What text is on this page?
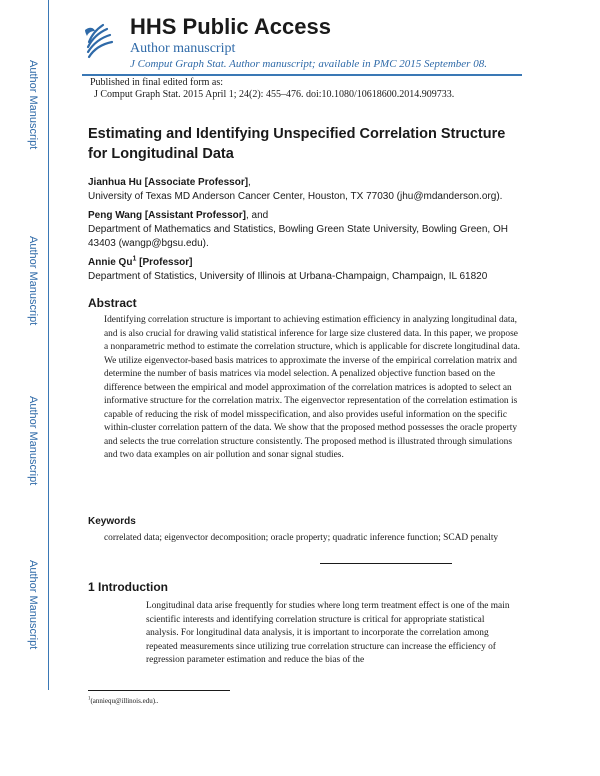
Author Manuscript
Author Manuscript
Author Manuscript
Author Manuscript
HHS Public Access
Author manuscript
J Comput Graph Stat. Author manuscript; available in PMC 2015 September 08.
Published in final edited form as:
J Comput Graph Stat. 2015 April 1; 24(2): 455–476. doi:10.1080/10618600.2014.909733.
Estimating and Identifying Unspecified Correlation Structure for Longitudinal Data
Jianhua Hu [Associate Professor],
University of Texas MD Anderson Cancer Center, Houston, TX 77030 (jhu@mdanderson.org).
Peng Wang [Assistant Professor], and
Department of Mathematics and Statistics, Bowling Green State University, Bowling Green, OH 43403 (wangp@bgsu.edu).
Annie Qu$^1$ [Professor]
Department of Statistics, University of Illinois at Urbana-Champaign, Champaign, IL 61820
Abstract
Identifying correlation structure is important to achieving estimation efficiency in analyzing longitudinal data, and is also crucial for drawing valid statistical inference for large size clustered data. In this paper, we propose a nonparametric method to estimate the correlation structure, which is applicable for discrete longitudinal data. We utilize eigenvector-based basis matrices to approximate the inverse of the empirical correlation matrix and determine the number of basis matrices via model selection. A penalized objective function based on the difference between the empirical and model approximation of the correlation matrices is adopted to select an informative structure for the correlation matrix. The eigenvector representation of the correlation estimation is capable of reducing the risk of model misspecification, and also provides useful information on the specific within-cluster correlation pattern of the data. We show that the proposed method possesses the oracle property and selects the true correlation structure consistently. The proposed method is illustrated through simulations and two data examples on air pollution and sonar signal studies.
Keywords
correlated data; eigenvector decomposition; oracle property; quadratic inference function; SCAD penalty
1 Introduction
Longitudinal data arise frequently for studies where long term treatment effect is one of the main scientific interests and identifying correlation structure is critical for appropriate statistical analysis. For longitudinal data analysis, it is important to incorporate the correlation among repeated measurements since utilizing true correlation structure can increase the efficiency of regression parameter estimation and reduce the bias of the
$^1$(anniequ@illinois.edu)..
